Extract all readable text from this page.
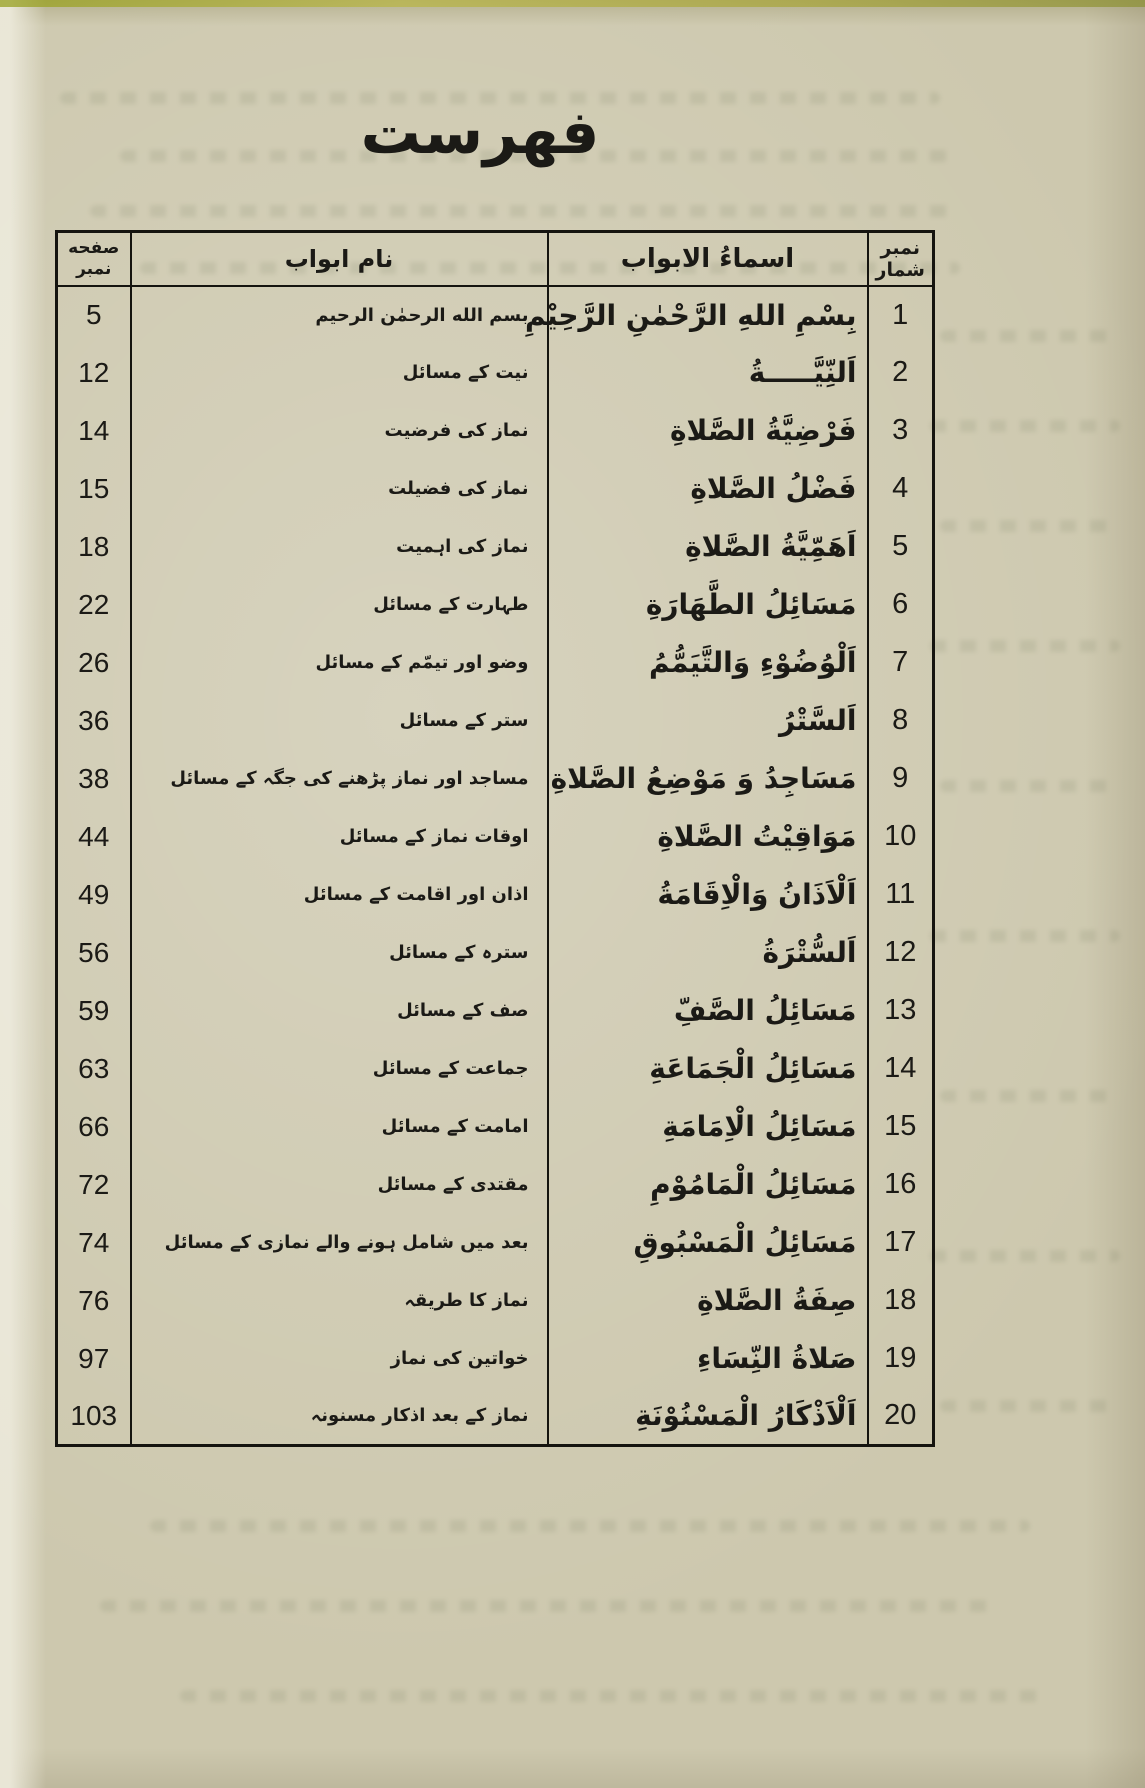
فهرست
نمبر شمار	اسماءُ الابواب	نام ابواب	صفحه نمبر
1	بِسْمِ اللهِ الرَّحْمٰنِ الرَّحِيْمِ	بسم الله الرحمٰن الرحیم	5
2	اَلنِّيَّـــــةُ	نیت کے مسائل	12
3	فَرْضِيَّةُ الصَّلاةِ	نماز کی فرضیت	14
4	فَضْلُ الصَّلاةِ	نماز کی فضیلت	15
5	اَهَمِّيَّةُ الصَّلاةِ	نماز کی اہمیت	18
6	مَسَائِلُ الطَّهَارَةِ	طہارت کے مسائل	22
7	اَلْوُضُوْءِ وَالتَّيَمُّمُ	وضو اور تیمّم کے مسائل	26
8	اَلسَّتْرُ	ستر کے مسائل	36
9	مَسَاجِدُ وَ مَوْضِعُ الصَّلاةِ	مساجد اور نماز پڑھنے کی جگہ کے مسائل	38
10	مَوَاقِيْتُ الصَّلاةِ	اوقات نماز کے مسائل	44
11	اَلْاَذَانُ وَالْاِقَامَةُ	اذان اور اقامت کے مسائل	49
12	اَلسُّتْرَةُ	سترہ کے مسائل	56
13	مَسَائِلُ الصَّفِّ	صف کے مسائل	59
14	مَسَائِلُ الْجَمَاعَةِ	جماعت کے مسائل	63
15	مَسَائِلُ الْاِمَامَةِ	امامت کے مسائل	66
16	مَسَائِلُ الْمَامُوْمِ	مقتدی کے مسائل	72
17	مَسَائِلُ الْمَسْبُوقِ	بعد میں شامل ہونے والے نمازی کے مسائل	74
18	صِفَةُ الصَّلاةِ	نماز کا طریقہ	76
19	صَلاةُ النِّسَاءِ	خواتین کی نماز	97
20	اَلْاَذْكَارُ الْمَسْنُوْنَةِ	نماز کے بعد اذکار مسنونہ	103
